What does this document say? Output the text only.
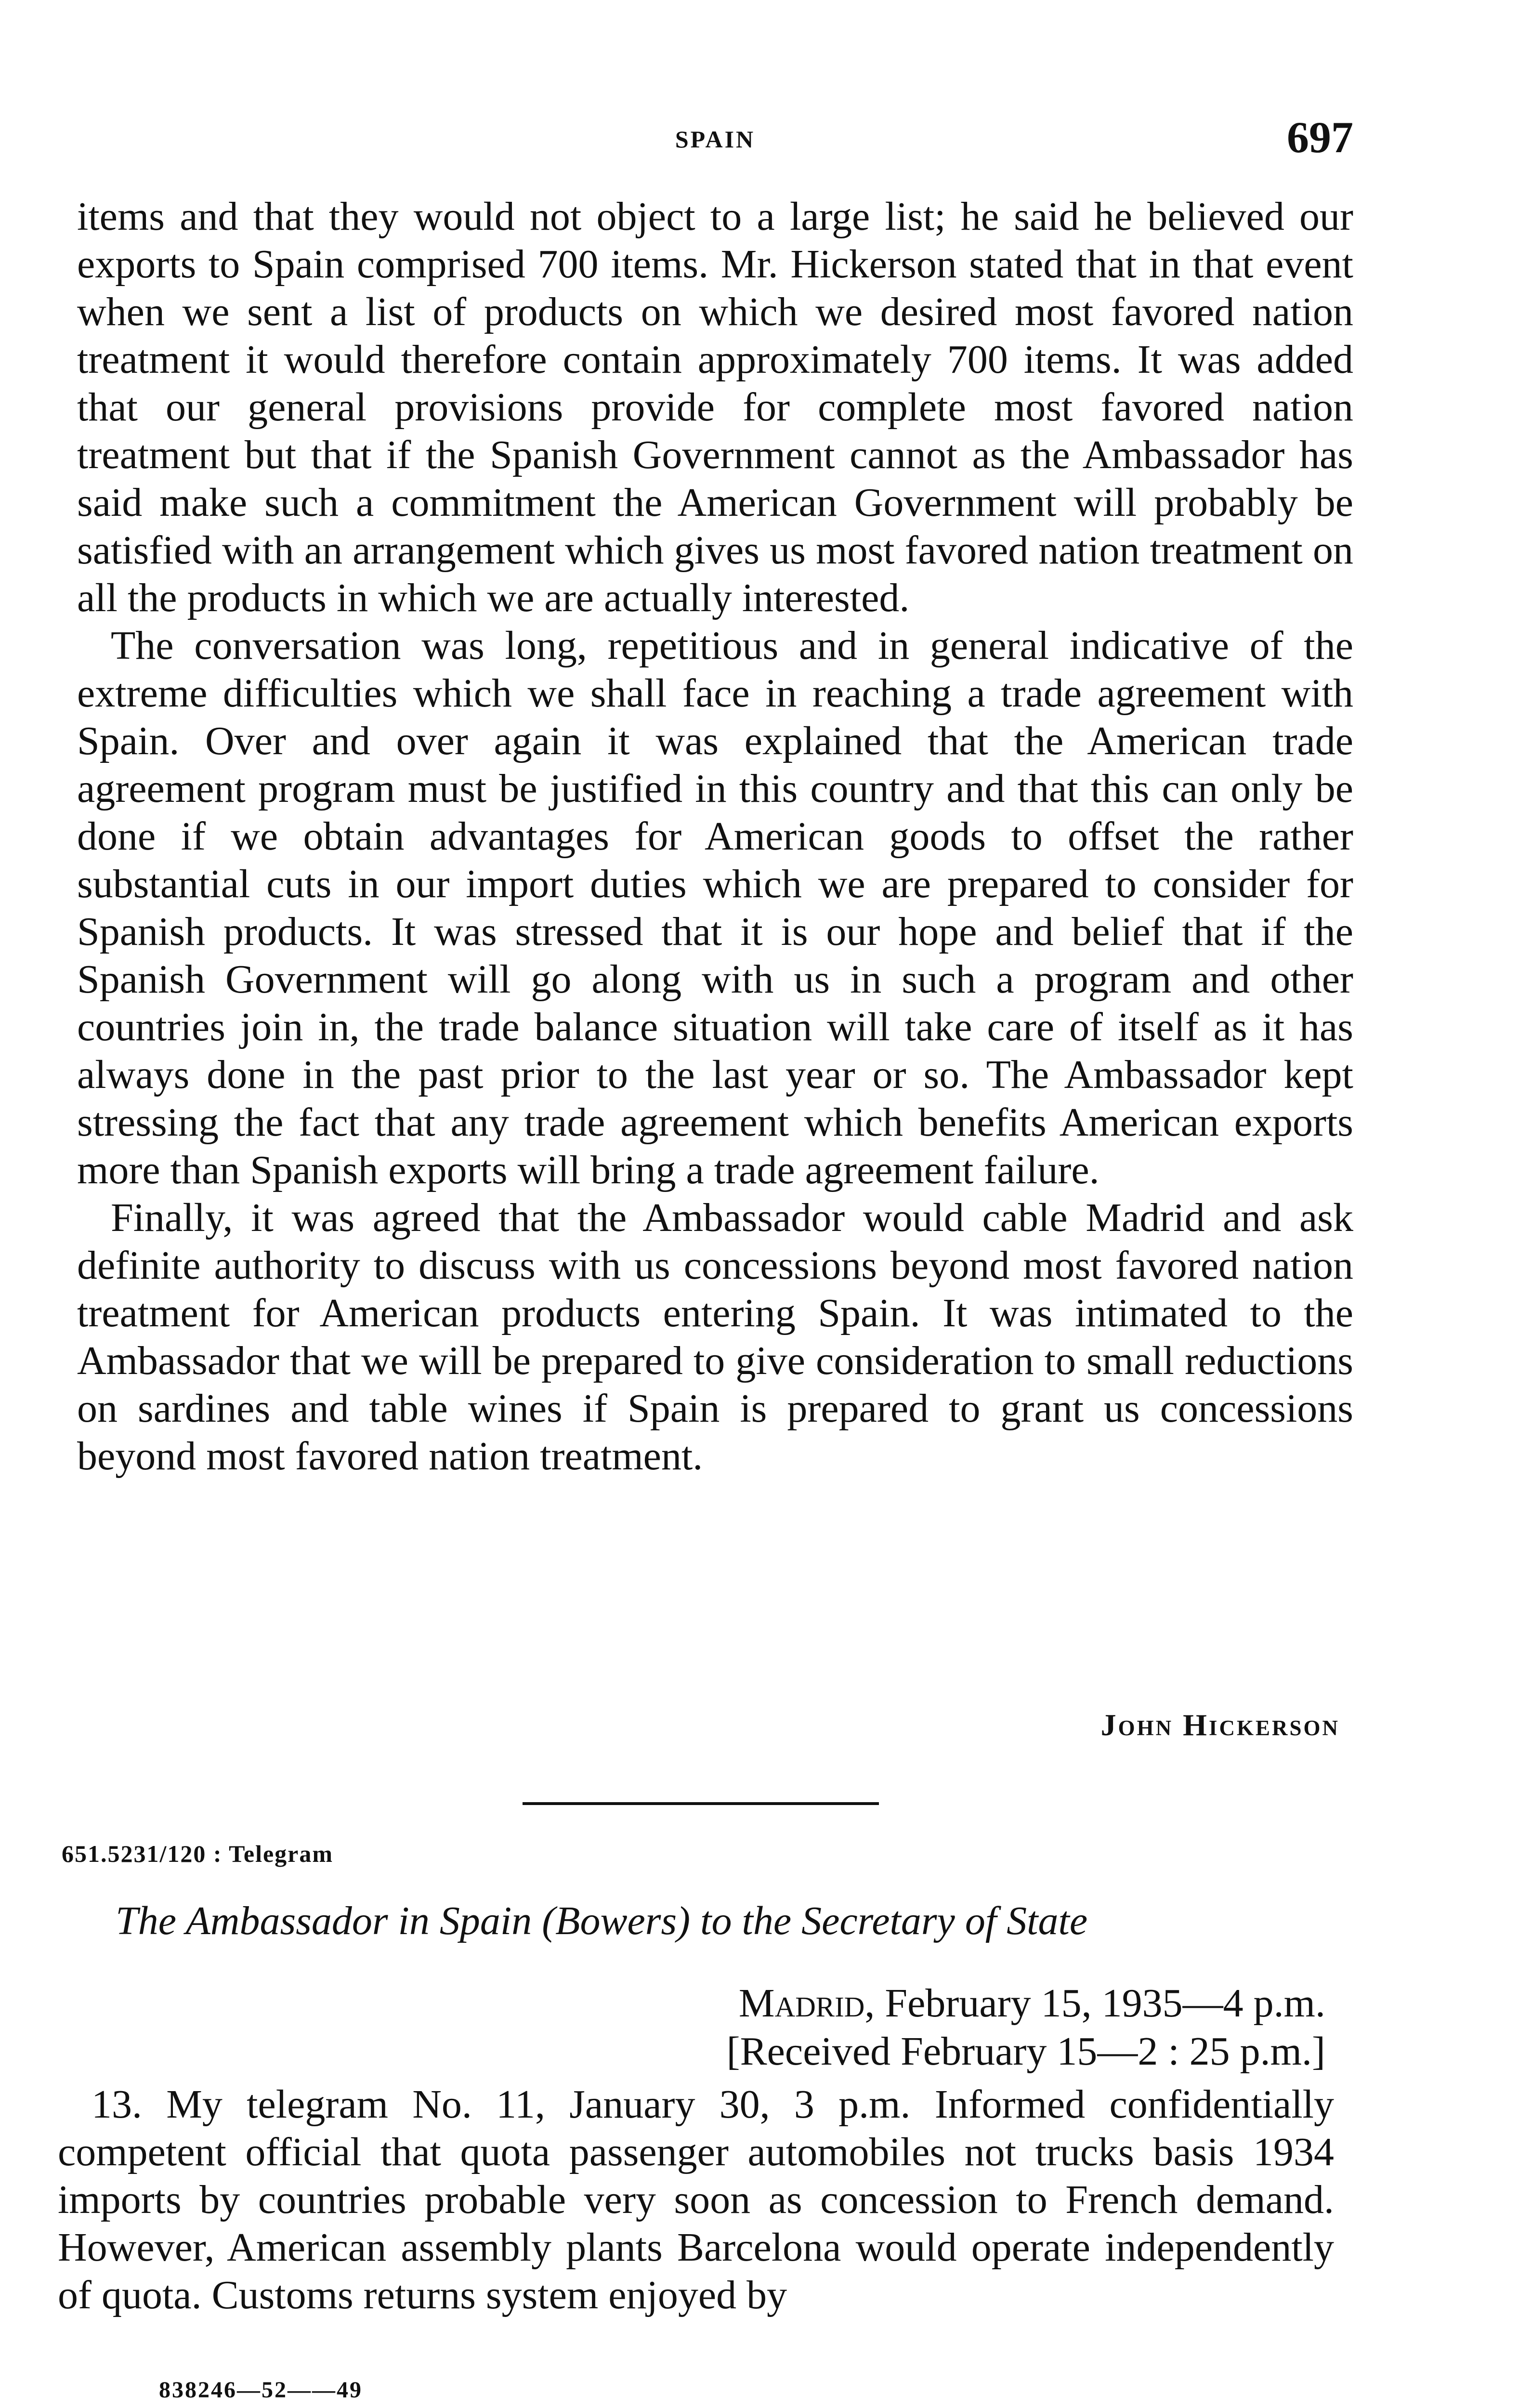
SPAIN	697

items and that they would not object to a large list; he said he believed our exports to Spain comprised 700 items. Mr. Hickerson stated that in that event when we sent a list of products on which we desired most favored nation treatment it would therefore contain approximately 700 items. It was added that our general provisions provide for complete most favored nation treatment but that if the Spanish Government cannot as the Ambassador has said make such a commitment the American Government will probably be satisfied with an arrangement which gives us most favored nation treatment on all the products in which we are actually interested.

The conversation was long, repetitious and in general indicative of the extreme difficulties which we shall face in reaching a trade agreement with Spain. Over and over again it was explained that the American trade agreement program must be justified in this country and that this can only be done if we obtain advantages for American goods to offset the rather substantial cuts in our import duties which we are prepared to consider for Spanish products. It was stressed that it is our hope and belief that if the Spanish Government will go along with us in such a program and other countries join in, the trade balance situation will take care of itself as it has always done in the past prior to the last year or so. The Ambassador kept stressing the fact that any trade agreement which benefits American exports more than Spanish exports will bring a trade agreement failure.

Finally, it was agreed that the Ambassador would cable Madrid and ask definite authority to discuss with us concessions beyond most favored nation treatment for American products entering Spain. It was intimated to the Ambassador that we will be prepared to give consideration to small reductions on sardines and table wines if Spain is prepared to grant us concessions beyond most favored nation treatment.

John Hickerson
651.5231/120 : Telegram
The Ambassador in Spain (Bowers) to the Secretary of State
Madrid, February 15, 1935—4 p.m.
[Received February 15—2 : 25 p.m.]

13. My telegram No. 11, January 30, 3 p.m. Informed confidentially competent official that quota passenger automobiles not trucks basis 1934 imports by countries probable very soon as concession to French demand. However, American assembly plants Barcelona would operate independently of quota. Customs returns system enjoyed by

838246—52——49
